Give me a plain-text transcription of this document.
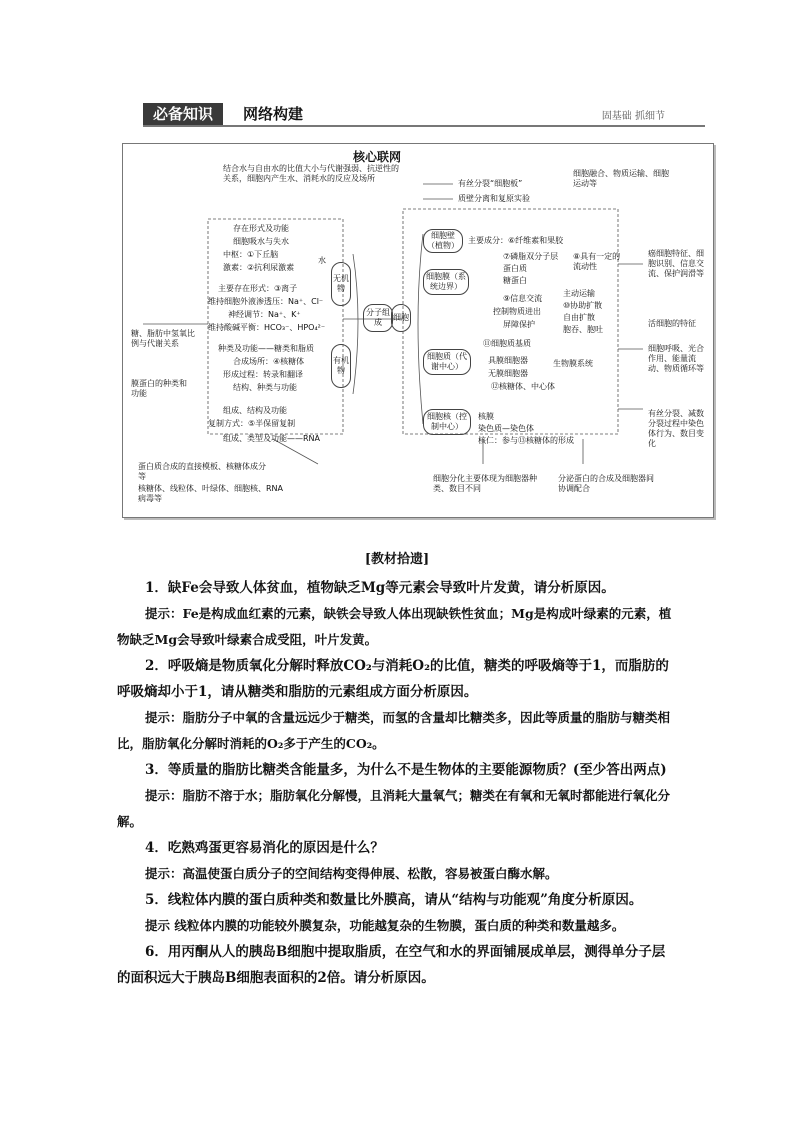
必备知识	网络构建	固基础 抓细节
核心联网
结合水与自由水的比值大小与代谢强弱、抗逆性的关系，细胞内产生水、消耗水的反应及场所
有丝分裂“细胞板”
质壁分离和复原实验
细胞融合、物质运输、细胞运动等
存在形式及功能
细胞吸水与失水
中枢：①下丘脑
激素：②抗利尿激素
水
主要存在形式：③离子
维持细胞外液渗透压：Na⁺、Cl⁻
神经调节：Na⁺、K⁺
维持酸碱平衡：HCO₃⁻、HPO₄²⁻
无机物
有机物
分子组成
细胞
糖、脂肪中氢氧比例与代谢关系
膜蛋白的种类和功能
种类及功能——糖类和脂质
合成场所：④核糖体
形成过程：转录和翻译
结构、种类与功能
组成、结构及功能
复制方式：⑤半保留复制
组成、类型及功能——RNA
细胞壁（植物）
主要成分：⑥纤维素和果胶
细胞膜（系统边界）
⑦磷脂双分子层
蛋白质
糖蛋白
⑧具有一定的流动性
⑨信息交流
控制物质进出
屏障保护
主动运输
⑩协助扩散
自由扩散
胞吞、胞吐
细胞质（代谢中心）
⑪细胞质基质
具膜细胞器
无膜细胞器
⑫核糖体、中心体
生物膜系统
细胞核（控制中心）
核膜
染色质—染色体
核仁：参与⑬核糖体的形成
癌细胞特征、细胞识别、信息交流、保护润滑等
活细胞的特征
细胞呼吸、光合作用、能量流动、物质循环等
有丝分裂、减数分裂过程中染色体行为、数目变化
蛋白质合成的直接模板、核糖体成分等
核糖体、线粒体、叶绿体、细胞核、RNA病毒等
细胞分化主要体现为细胞器种类、数目不同
分泌蛋白的合成及细胞器间协调配合
[教材拾遗]

1．缺Fe会导致人体贫血，植物缺乏Mg等元素会导致叶片发黄，请分析原因。

提示：Fe是构成血红素的元素，缺铁会导致人体出现缺铁性贫血；Mg是构成叶绿素的元素，植物缺乏Mg会导致叶绿素合成受阻，叶片发黄。

2．呼吸熵是物质氧化分解时释放CO₂与消耗O₂的比值，糖类的呼吸熵等于1，而脂肪的呼吸熵却小于1，请从糖类和脂肪的元素组成方面分析原因。

提示：脂肪分子中氧的含量远远少于糖类，而氢的含量却比糖类多，因此等质量的脂肪与糖类相比，脂肪氧化分解时消耗的O₂多于产生的CO₂。

3．等质量的脂肪比糖类含能量多，为什么不是生物体的主要能源物质？(至少答出两点)

提示：脂肪不溶于水；脂肪氧化分解慢，且消耗大量氧气；糖类在有氧和无氧时都能进行氧化分解。

4．吃熟鸡蛋更容易消化的原因是什么？

提示：高温使蛋白质分子的空间结构变得伸展、松散，容易被蛋白酶水解。

5．线粒体内膜的蛋白质种类和数量比外膜高，请从“结构与功能观”角度分析原因。

提示 线粒体内膜的功能较外膜复杂，功能越复杂的生物膜，蛋白质的种类和数量越多。

6．用丙酮从人的胰岛B细胞中提取脂质，在空气和水的界面铺展成单层，测得单分子层的面积远大于胰岛B细胞表面积的2倍。请分析原因。
